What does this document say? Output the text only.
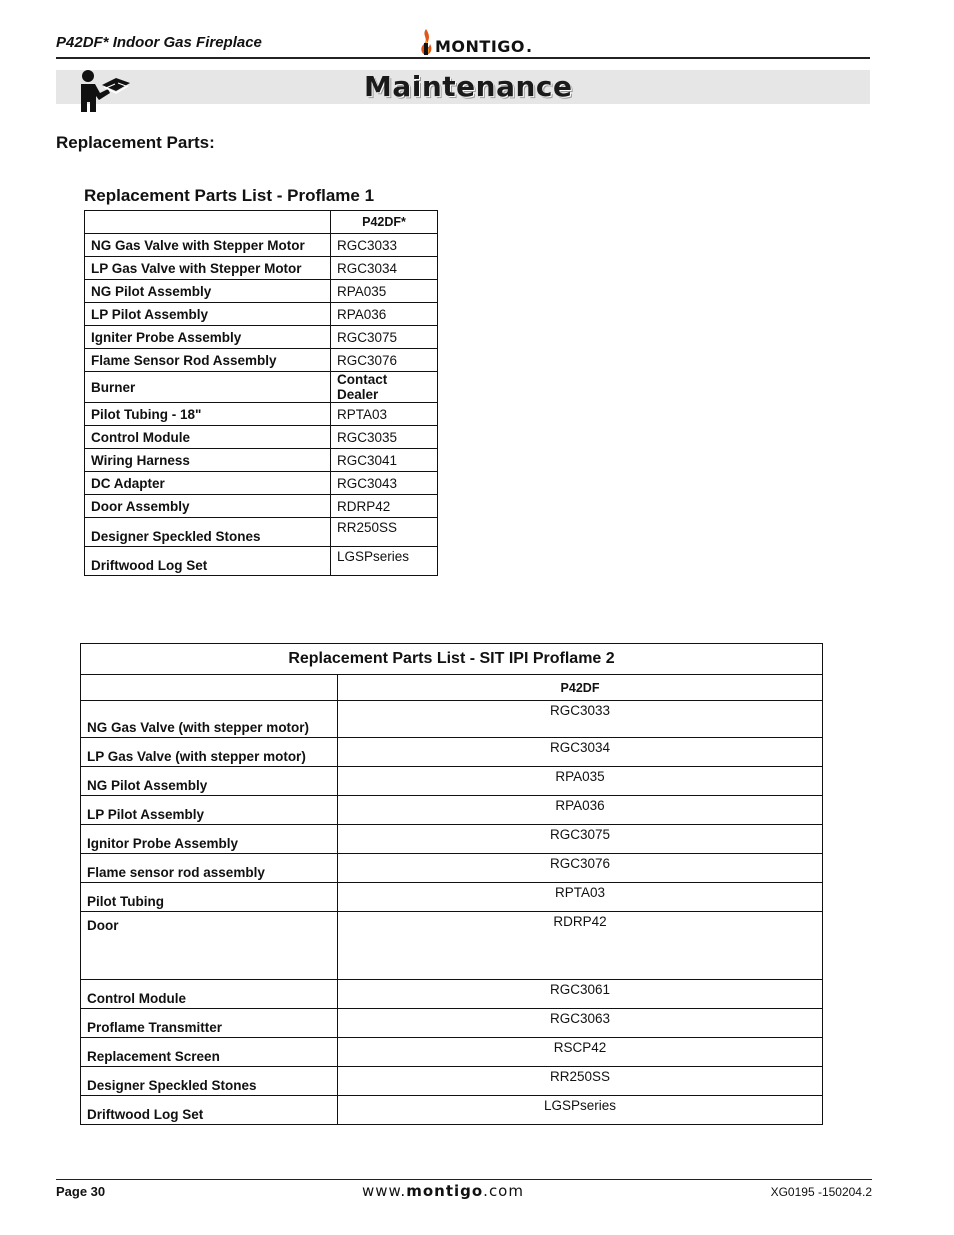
P42DF* Indoor Gas Fireplace	MONTIGO .
Maintenance
Replacement Parts:
Replacement Parts List - Proflame 1
	P42DF*
NG Gas Valve with Stepper Motor	RGC3033
LP Gas Valve with Stepper Motor	RGC3034
NG Pilot Assembly	RPA035
LP Pilot Assembly	RPA036
Igniter Probe Assembly	RGC3075
Flame Sensor Rod Assembly	RGC3076
Burner	Contact Dealer
Pilot Tubing - 18"	RPTA03
Control Module	RGC3035
Wiring Harness	RGC3041
DC Adapter	RGC3043
Door Assembly	RDRP42
Designer Speckled Stones	RR250SS
Driftwood Log Set	LGSPseries
Replacement Parts List - SIT IPI Proflame 2	
	P42DF
NG Gas Valve (with stepper motor)	RGC3033
LP Gas Valve (with stepper motor)	RGC3034
NG Pilot Assembly	RPA035
LP Pilot Assembly	RPA036
Ignitor Probe Assembly	RGC3075
Flame sensor rod assembly	RGC3076
Pilot Tubing	RPTA03
Door	RDRP42
Control Module	RGC3061
Proflame Transmitter	RGC3063
Replacement Screen	RSCP42
Designer Speckled Stones	RR250SS
Driftwood Log Set	LGSPseries
Page 30	www.montigo.com	XG0195 -150204.2
